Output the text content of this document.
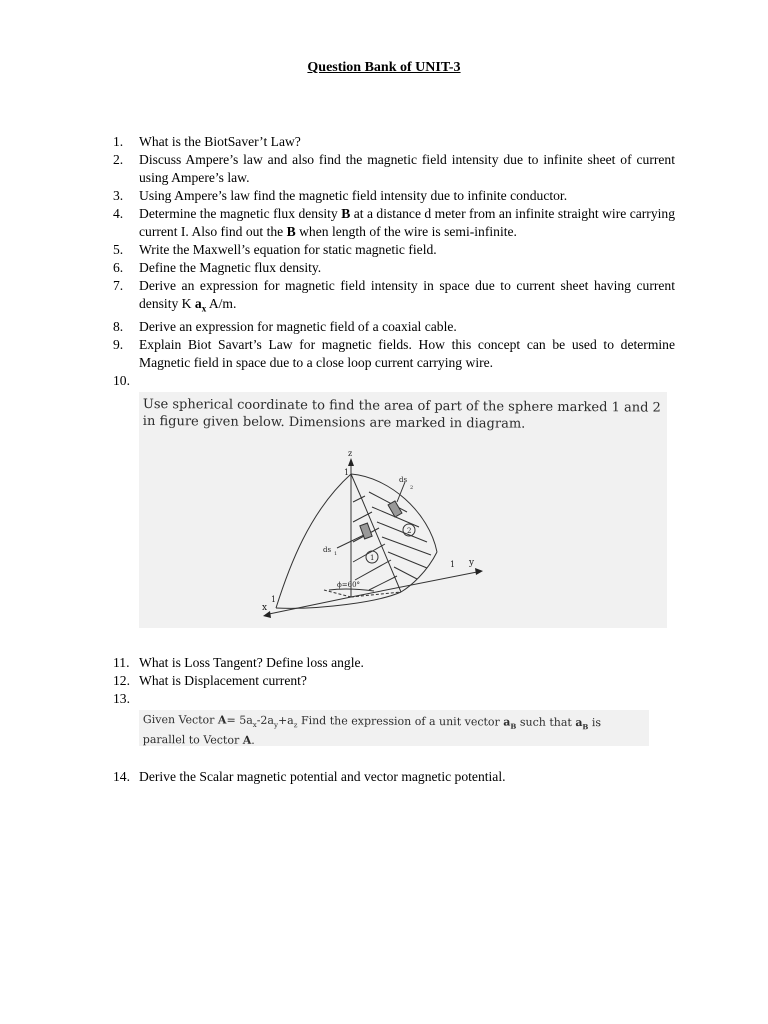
Question Bank of UNIT-3
1.	What is the BiotSaver’t Law?
2.	Discuss Ampere’s law and also find the magnetic field intensity due to infinite sheet of current using Ampere’s law.
3.	Using Ampere’s law find the magnetic field intensity due to infinite conductor.
4.	Determine the magnetic flux density B at a distance d meter from an infinite straight wire carrying current I. Also find out the B when length of the wire is semi-infinite.
5.	Write the Maxwell’s equation for static magnetic field.
6.	Define the Magnetic flux density.
7.	Derive an expression for magnetic field intensity in space due to current sheet having current density K $a_x$ A/m.
8.	Derive an expression for magnetic field of a coaxial cable.
9.	Explain Biot Savart’s Law for magnetic fields. How this concept can be used to determine Magnetic field in space due to a close loop current carrying wire.
10.
Use spherical coordinate to find the area of part of the sphere marked 1 and 2 in figure given below. Dimensions are marked in diagram.
z
y
x
1
1
1
ds 1
ds
2
1
2
ϕ=60°
11. What is Loss Tangent? Define loss angle.
12. What is Displacement current?
13.
Given Vector $A= 5a_x-2a_y+a_z$ Find the expression of a unit vector $a_B$ such that $a_B$ is parallel to Vector A.
14. Derive the Scalar magnetic potential and vector magnetic potential.
